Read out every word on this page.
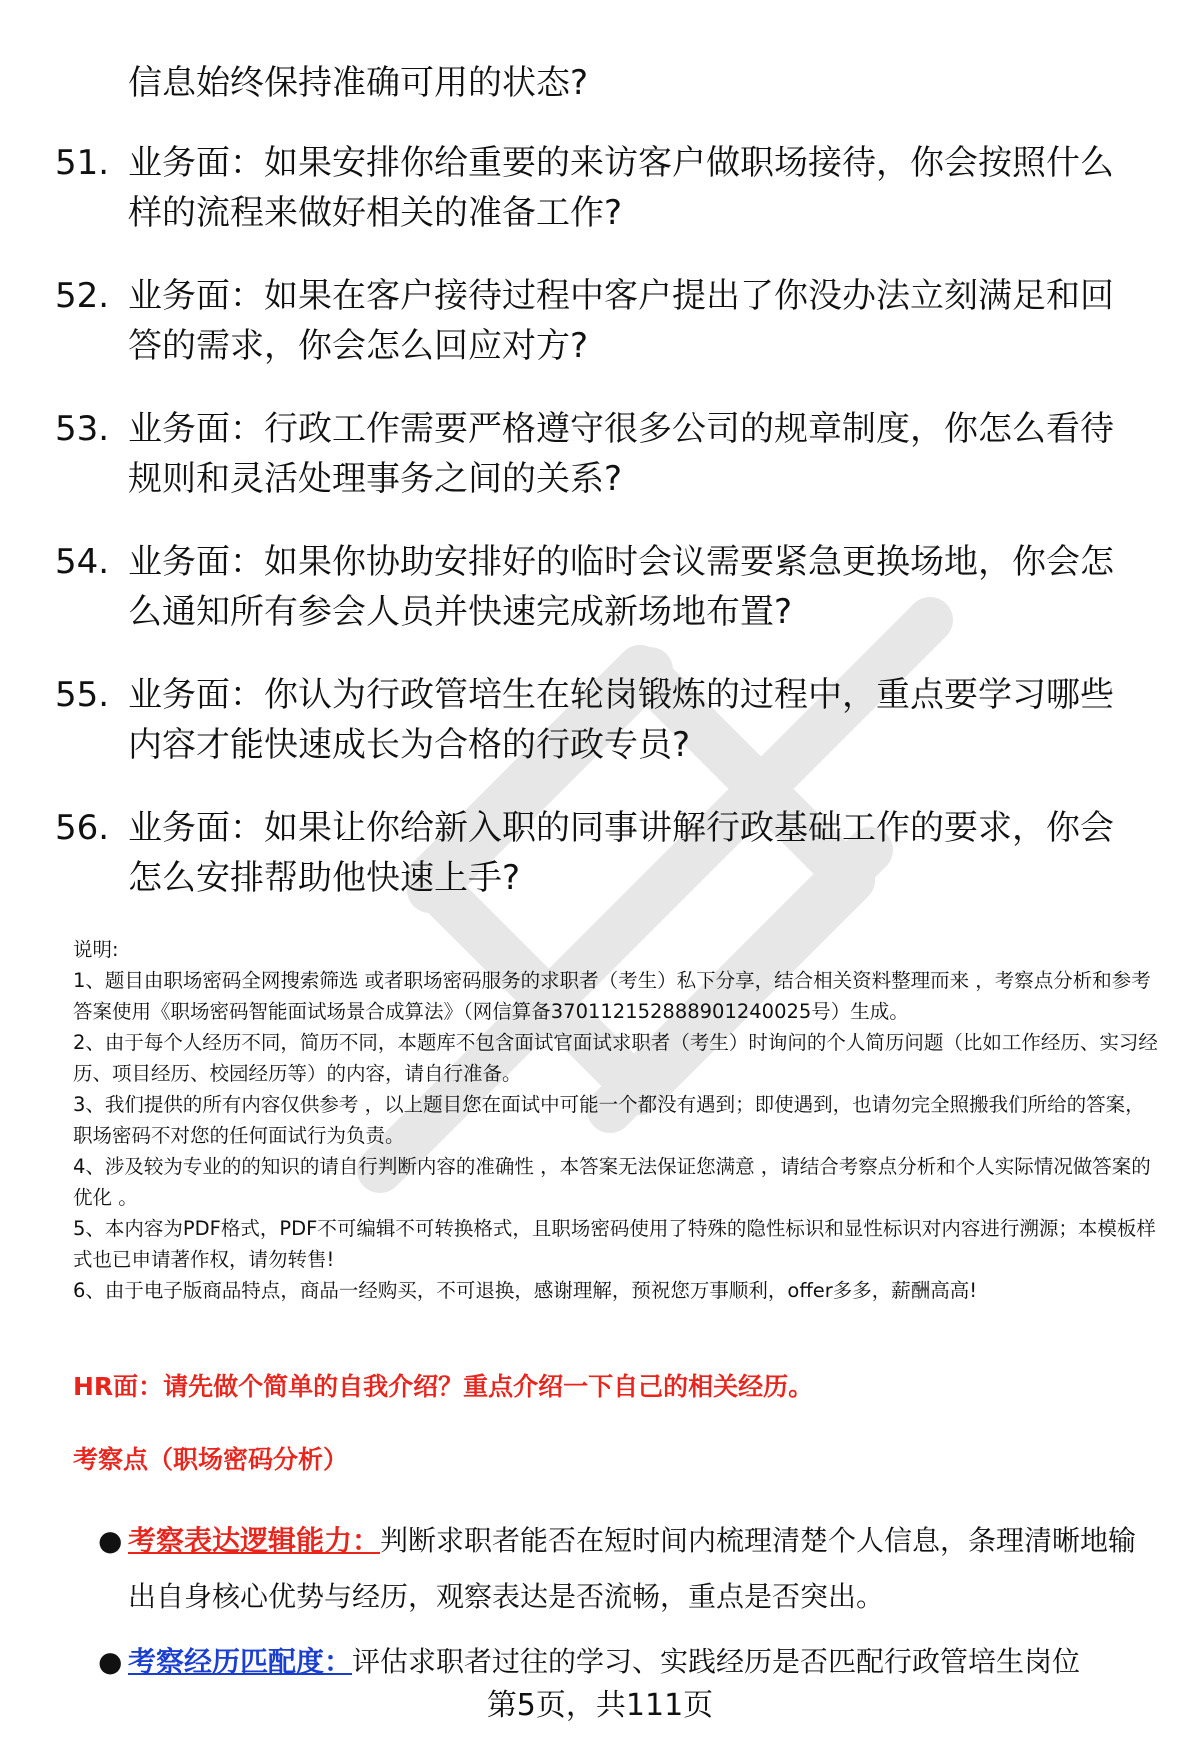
信息始终保持准确可用的状态?
51. 业务面：如果安排你给重要的来访客户做职场接待，你会按照什么样的流程来做好相关的准备工作?
52. 业务面：如果在客户接待过程中客户提出了你没办法立刻满足和回答的需求，你会怎么回应对方?
53. 业务面：行政工作需要严格遵守很多公司的规章制度，你怎么看待规则和灵活处理事务之间的关系?
54. 业务面：如果你协助安排好的临时会议需要紧急更换场地，你会怎么通知所有参会人员并快速完成新场地布置?
55. 业务面：你认为行政管培生在轮岗锻炼的过程中，重点要学习哪些内容才能快速成长为合格的行政专员?
56. 业务面：如果让你给新入职的同事讲解行政基础工作的要求，你会怎么安排帮助他快速上手?
说明:
1、题目由职场密码全网搜索筛选 或者职场密码服务的求职者（考生）私下分享，结合相关资料整理而来 ，考察点分析和参考答案使用《职场密码智能面试场景合成算法》（网信算备370112152888901240025号）生成。
2、由于每个人经历不同，简历不同，本题库不包含面试官面试求职者（考生）时询问的个人简历问题（比如工作经历、实习经历、项目经历、校园经历等）的内容，请自行准备。
3、我们提供的所有内容仅供参考 ，以上题目您在面试中可能一个都没有遇到；即使遇到，也请勿完全照搬我们所给的答案，职场密码不对您的任何面试行为负责。
4、涉及较为专业的的知识的请自行判断内容的准确性 ，本答案无法保证您满意 ，请结合考察点分析和个人实际情况做答案的优化 。
5、本内容为PDF格式，PDF不可编辑不可转换格式，且职场密码使用了特殊的隐性标识和显性标识对内容进行溯源；本模板样式也已申请著作权，请勿转售!
6、由于电子版商品特点，商品一经购买，不可退换，感谢理解，预祝您万事顺利，offer多多，薪酬高高!
HR面：请先做个简单的自我介绍？重点介绍一下自己的相关经历。
考察点（职场密码分析）
● 考察表达逻辑能力：判断求职者能否在短时间内梳理清楚个人信息，条理清晰地输出自身核心优势与经历，观察表达是否流畅，重点是否突出。
● 考察经历匹配度：评估求职者过往的学习、实践经历是否匹配行政管培生岗位
第5页，共111页
